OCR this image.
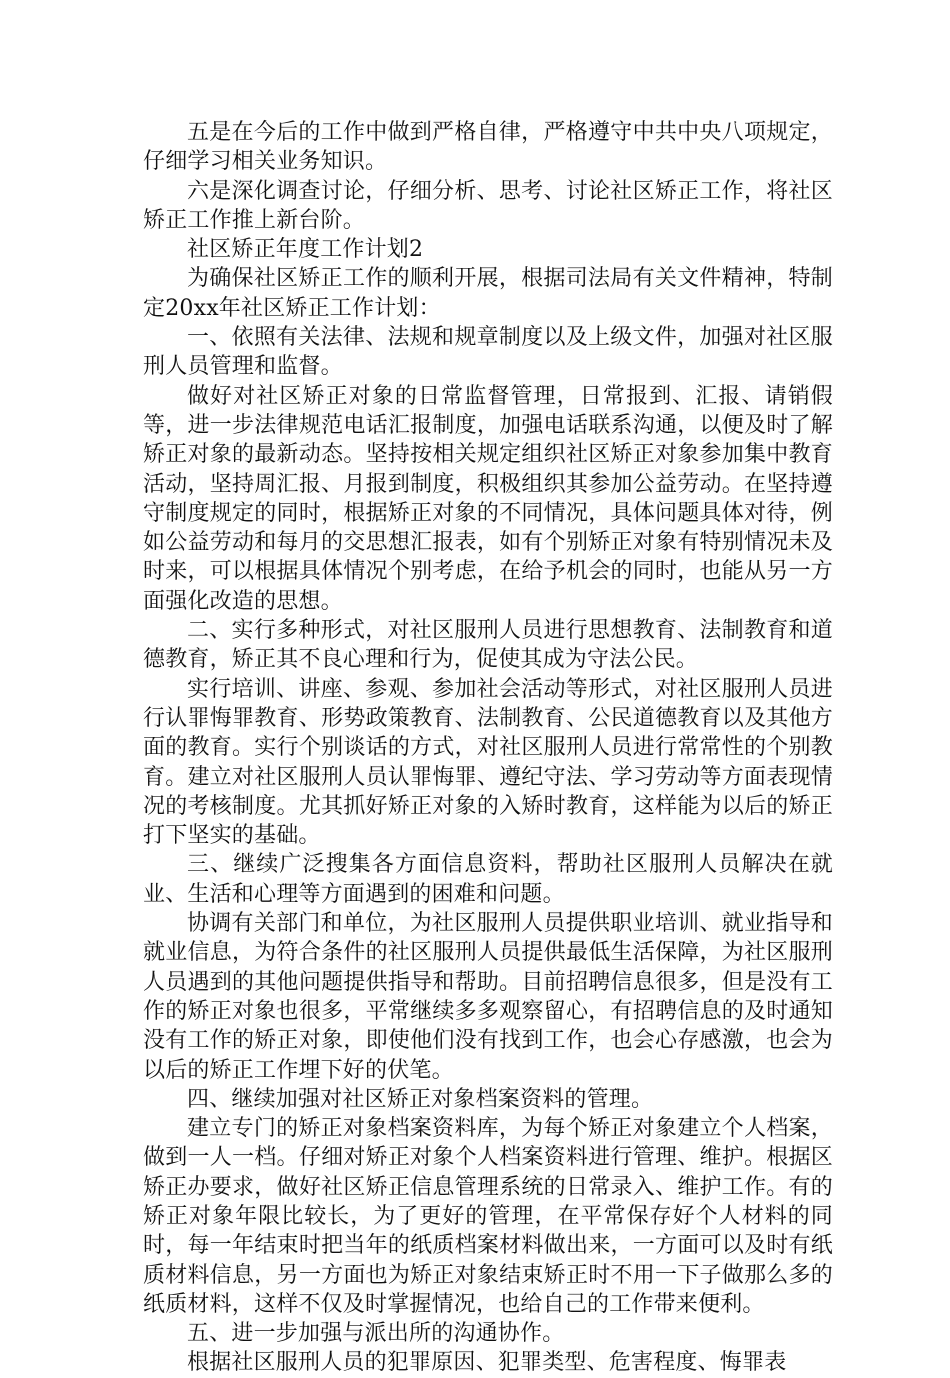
五是在今后的工作中做到严格自律，严格遵守中共中央八项规定，仔细学习相关业务知识。

六是深化调查讨论，仔细分析、思考、讨论社区矫正工作，将社区矫正工作推上新台阶。

社区矫正年度工作计划2

为确保社区矫正工作的顺利开展，根据司法局有关文件精神，特制定20xx年社区矫正工作计划：

一、依照有关法律、法规和规章制度以及上级文件，加强对社区服刑人员管理和监督。

做好对社区矫正对象的日常监督管理，日常报到、汇报、请销假等，进一步法律规范电话汇报制度，加强电话联系沟通，以便及时了解矫正对象的最新动态。坚持按相关规定组织社区矫正对象参加集中教育活动，坚持周汇报、月报到制度，积极组织其参加公益劳动。在坚持遵守制度规定的同时，根据矫正对象的不同情况，具体问题具体对待，例如公益劳动和每月的交思想汇报表，如有个别矫正对象有特别情况未及时来，可以根据具体情况个别考虑，在给予机会的同时，也能从另一方面强化改造的思想。

二、实行多种形式，对社区服刑人员进行思想教育、法制教育和道德教育，矫正其不良心理和行为，促使其成为守法公民。

实行培训、讲座、参观、参加社会活动等形式，对社区服刑人员进行认罪悔罪教育、形势政策教育、法制教育、公民道德教育以及其他方面的教育。实行个别谈话的方式，对社区服刑人员进行常常性的个别教育。建立对社区服刑人员认罪悔罪、遵纪守法、学习劳动等方面表现情况的考核制度。尤其抓好矫正对象的入矫时教育，这样能为以后的矫正打下坚实的基础。

三、继续广泛搜集各方面信息资料，帮助社区服刑人员解决在就业、生活和心理等方面遇到的困难和问题。

协调有关部门和单位，为社区服刑人员提供职业培训、就业指导和就业信息，为符合条件的社区服刑人员提供最低生活保障，为社区服刑人员遇到的其他问题提供指导和帮助。目前招聘信息很多，但是没有工作的矫正对象也很多，平常继续多多观察留心，有招聘信息的及时通知没有工作的矫正对象，即使他们没有找到工作，也会心存感激，也会为以后的矫正工作埋下好的伏笔。

四、继续加强对社区矫正对象档案资料的管理。

建立专门的矫正对象档案资料库，为每个矫正对象建立个人档案，做到一人一档。仔细对矫正对象个人档案资料进行管理、维护。根据区矫正办要求，做好社区矫正信息管理系统的日常录入、维护工作。有的矫正对象年限比较长，为了更好的管理，在平常保存好个人材料的同时，每一年结束时把当年的纸质档案材料做出来，一方面可以及时有纸质材料信息，另一方面也为矫正对象结束矫正时不用一下子做那么多的纸质材料，这样不仅及时掌握情况，也给自己的工作带来便利。

五、进一步加强与派出所的沟通协作。

根据社区服刑人员的犯罪原因、犯罪类型、危害程度、悔罪表
